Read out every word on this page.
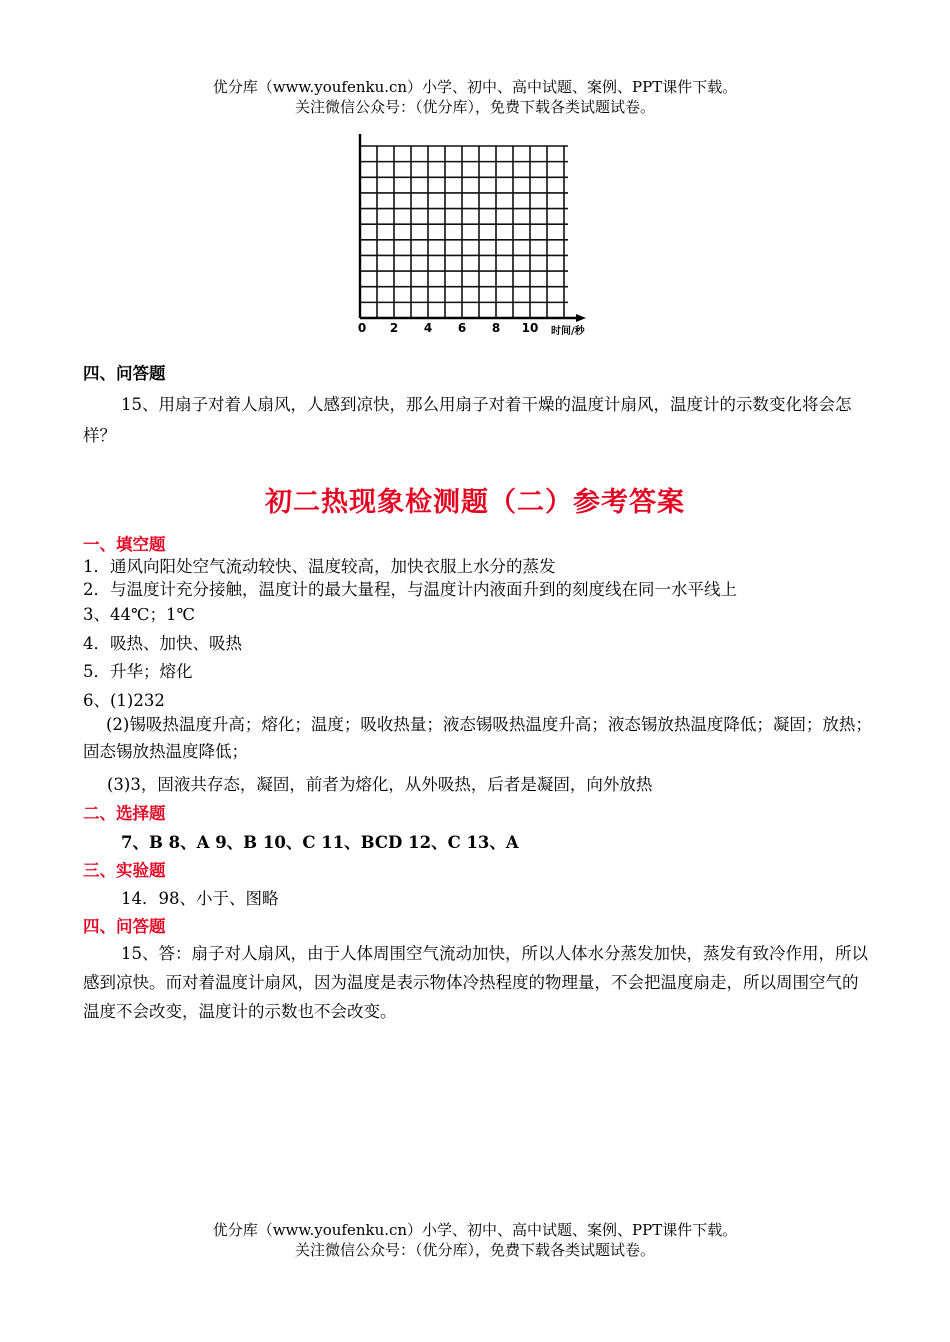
优分库（www.youfenku.cn）小学、初中、高中试题、案例、PPT课件下载。
关注微信公众号：（优分库），免费下载各类试题试卷。
0 2 4 6 8 10 时间/秒
四、问答题
15、用扇子对着人扇风，人感到凉快，那么用扇子对着干燥的温度计扇风，温度计的示数变化将会怎样？
初二热现象检测题（二）参考答案
一、填空题
1．通风向阳处空气流动较快、温度较高，加快衣服上水分的蒸发
2．与温度计充分接触，温度计的最大量程，与温度计内液面升到的刻度线在同一水平线上
3、44℃；1℃
4．吸热、加快、吸热
5．升华；熔化
6、(1)232
(2)锡吸热温度升高；熔化；温度；吸收热量；液态锡吸热温度升高；液态锡放热温度降低；凝固；放热；固态锡放热温度降低；
(3)3，固液共存态，凝固，前者为熔化，从外吸热，后者是凝固，向外放热
二、选择题
7、B 8、A 9、B 10、C 11、BCD 12、C 13、A
三、实验题
14．98、小于、图略
四、问答题
15、答：扇子对人扇风，由于人体周围空气流动加快，所以人体水分蒸发加快，蒸发有致冷作用，所以感到凉快。而对着温度计扇风，因为温度是表示物体冷热程度的物理量，不会把温度扇走，所以周围空气的温度不会改变，温度计的示数也不会改变。
优分库（www.youfenku.cn）小学、初中、高中试题、案例、PPT课件下载。
关注微信公众号：（优分库），免费下载各类试题试卷。
